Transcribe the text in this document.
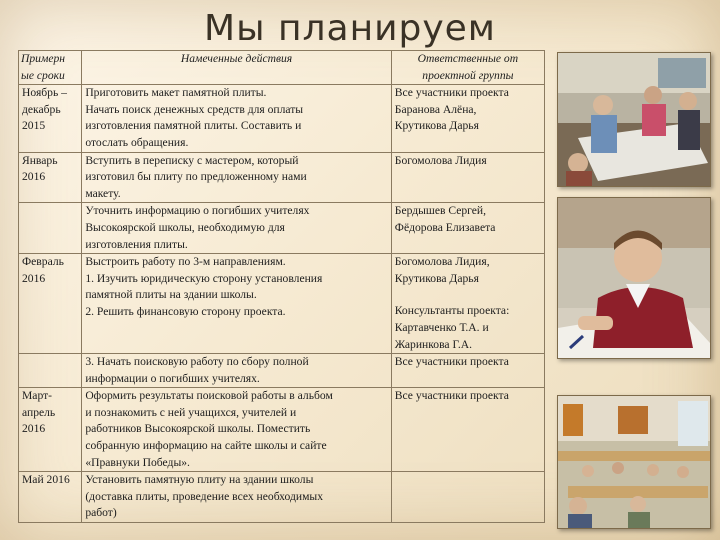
Мы планируем
Примерн
ые сроки	Намеченные действия	Ответственные от
проектной группы

Ноябрь –
декабрь
2015	Приготовить макет памятной плиты.
Начать поиск денежных средств для оплаты
изготовления памятной плиты. Составить и
отослать обращения.	Все участники проекта
Баранова Алёна,
Крутикова Дарья

Январь
2016	Вступить в переписку с мастером, который
изготовил бы плиту по предложенному нами
макету.	Богомолова Лидия

	Уточнить информацию о погибших учителях
Высокоярской школы, необходимую для
изготовления плиты.	Бердышев Сергей,
Фёдорова Елизавета

Февраль
2016	Выстроить работу по 3-м направлениям.
1. Изучить юридическую сторону установления
памятной плиты на здании школы.
2. Решить финансовую сторону проекта.	Богомолова Лидия,
Крутикова Дарья
Консультанты проекта:
Картавченко Т.А. и
Жаринкова Г.А.

	3. Начать поисковую работу по сбору полной
информации о погибших учителях.	Все участники проекта

Март-
апрель
2016	Оформить результаты поисковой работы в альбом
и познакомить с ней учащихся, учителей и
работников Высокоярской школы. Поместить
собранную информацию на сайте школы и сайте
«Правнуки Победы».	Все участники проекта

Май 2016	Установить памятную плиту на здании школы
(доставка плиты, проведение всех необходимых
работ)	
